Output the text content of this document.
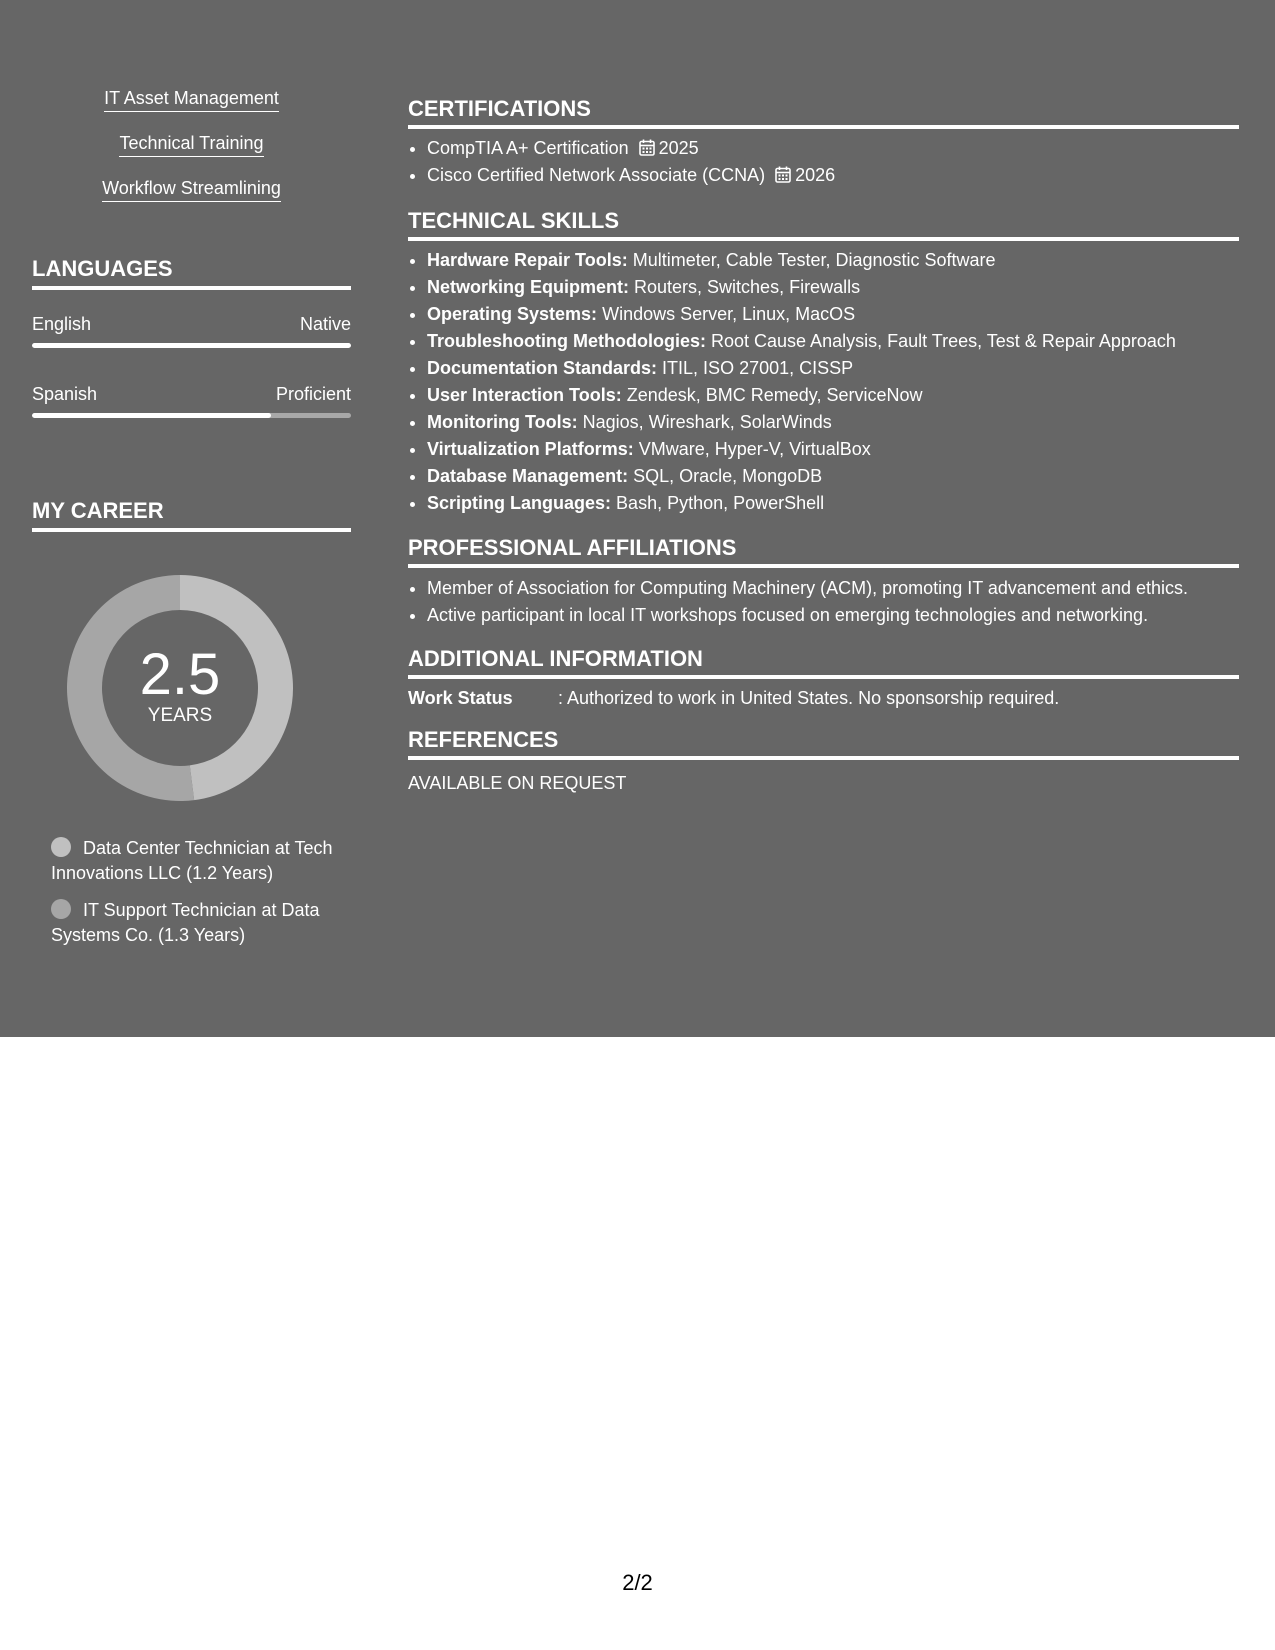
IT Asset Management
Technical Training
Workflow Streamlining
LANGUAGES
English	Native
Spanish	Proficient
MY CAREER
2.5
YEARS
Data Center Technician at Tech Innovations LLC (1.2 Years)
IT Support Technician at Data Systems Co. (1.3 Years)
CERTIFICATIONS
• CompTIA A+ Certification 2025
• Cisco Certified Network Associate (CCNA) 2026
TECHNICAL SKILLS
• Hardware Repair Tools: Multimeter, Cable Tester, Diagnostic Software
• Networking Equipment: Routers, Switches, Firewalls
• Operating Systems: Windows Server, Linux, MacOS
• Troubleshooting Methodologies: Root Cause Analysis, Fault Trees, Test & Repair Approach
• Documentation Standards: ITIL, ISO 27001, CISSP
• User Interaction Tools: Zendesk, BMC Remedy, ServiceNow
• Monitoring Tools: Nagios, Wireshark, SolarWinds
• Virtualization Platforms: VMware, Hyper-V, VirtualBox
• Database Management: SQL, Oracle, MongoDB
• Scripting Languages: Bash, Python, PowerShell
PROFESSIONAL AFFILIATIONS
• Member of Association for Computing Machinery (ACM), promoting IT advancement and ethics.
• Active participant in local IT workshops focused on emerging technologies and networking.
ADDITIONAL INFORMATION
Work Status	: Authorized to work in United States. No sponsorship required.
REFERENCES
AVAILABLE ON REQUEST
2/2
